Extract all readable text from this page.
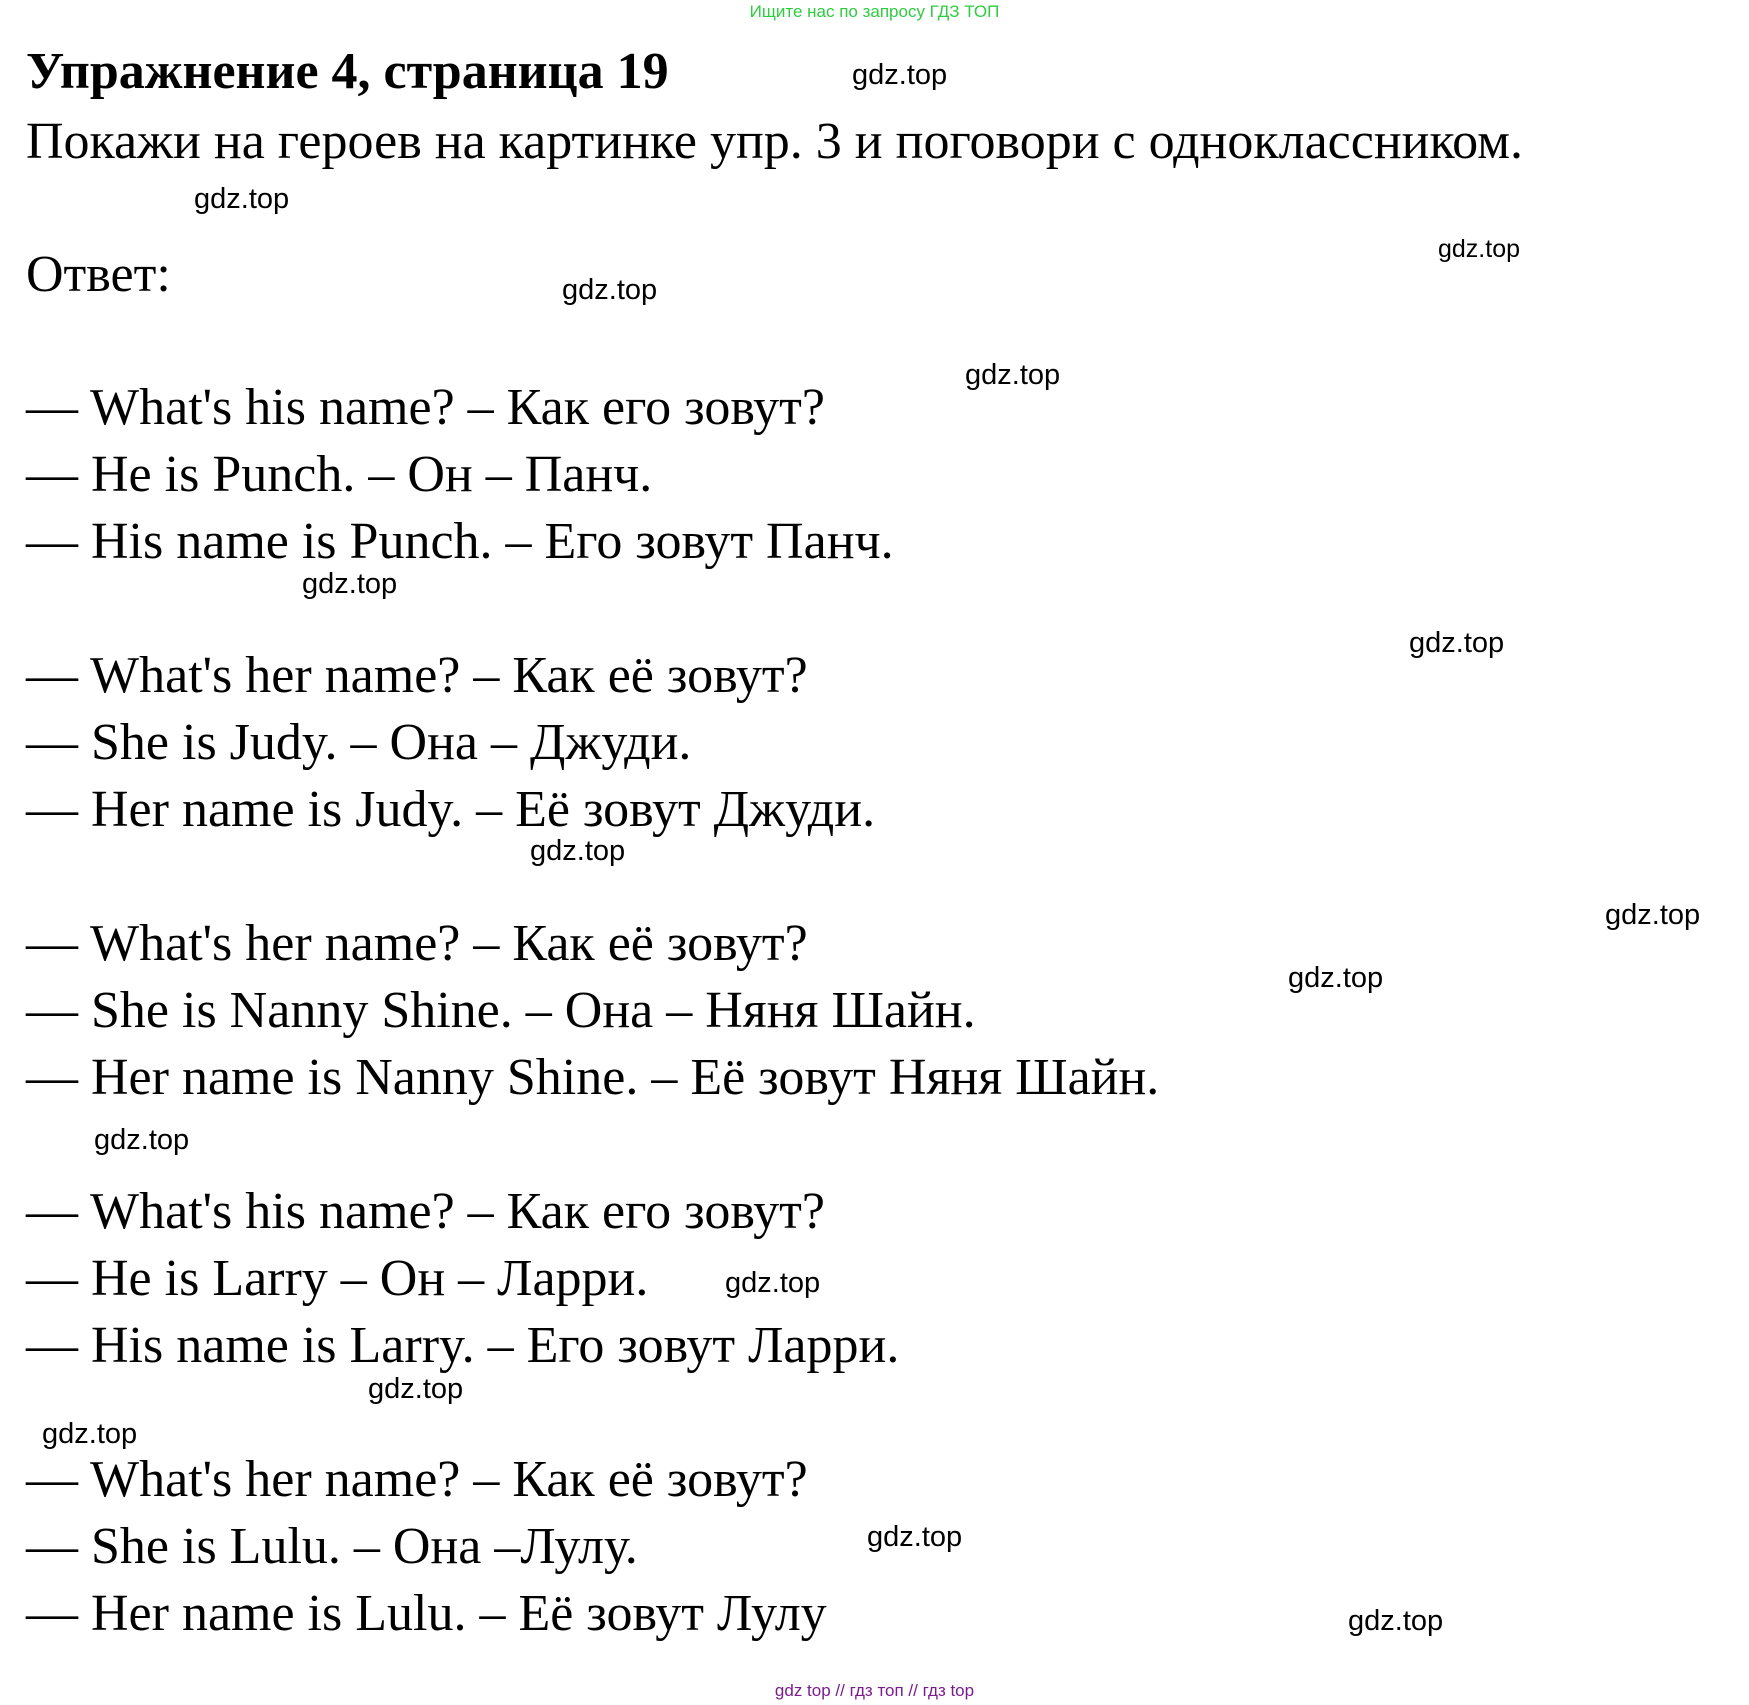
Ищите нас по запросу ГДЗ ТОП
Упражнение 4, страница 19
Покажи на героев на картинке упр. 3 и поговори с одноклассником.
Ответ:
— What's his name? – Как его зовут?
— He is Punch. – Он – Панч.
— His name is Punch. – Его зовут Панч.
— What's her name? – Как её зовут?
— She is Judy. – Она – Джуди.
— Her name is Judy. – Её зовут Джуди.
— What's her name? – Как её зовут?
— She is Nanny Shine. – Она – Няня Шайн.
— Her name is Nanny Shine. – Её зовут Няня Шайн.
— What's his name? – Как его зовут?
— He is Larry – Он – Ларри.
— His name is Larry. – Его зовут Ларри.
— What's her name? – Как её зовут?
— She is Lulu. – Она –Лулу.
— Her name is Lulu. – Её зовут Лулу
gdz.top
gdz.top
gdz.top
gdz.top
gdz.top
gdz.top
gdz.top
gdz.top
gdz.top
gdz.top
gdz.top
gdz.top
gdz.top
gdz.top
gdz.top
gdz.top
gdz top // гдз топ // гдз top
